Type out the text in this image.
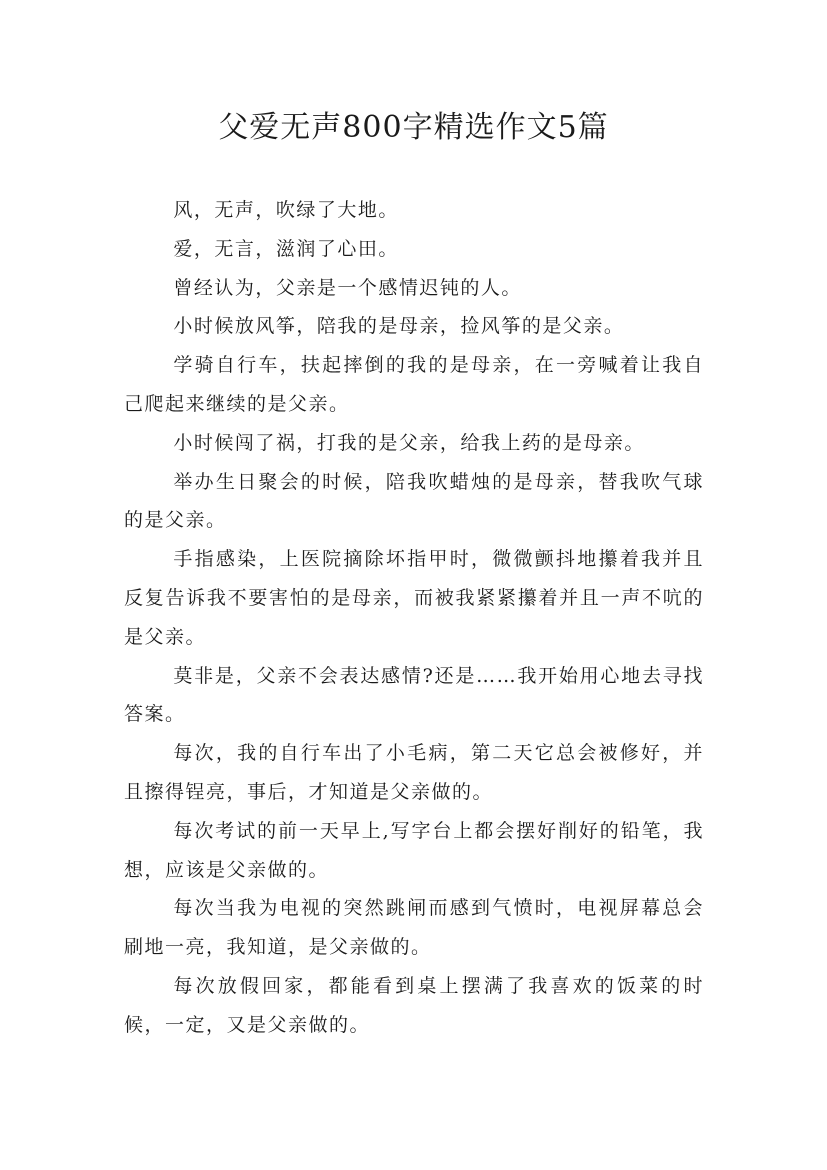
父爱无声800字精选作文5篇

风，无声，吹绿了大地。

爱，无言，滋润了心田。

曾经认为，父亲是一个感情迟钝的人。

小时候放风筝，陪我的是母亲，捡风筝的是父亲。

学骑自行车，扶起摔倒的我的是母亲，在一旁喊着让我自己爬起来继续的是父亲。

小时候闯了祸，打我的是父亲，给我上药的是母亲。

举办生日聚会的时候，陪我吹蜡烛的是母亲，替我吹气球的是父亲。

手指感染，上医院摘除坏指甲时，微微颤抖地攥着我并且反复告诉我不要害怕的是母亲，而被我紧紧攥着并且一声不吭的是父亲。

莫非是，父亲不会表达感情?还是……我开始用心地去寻找答案。

每次，我的自行车出了小毛病，第二天它总会被修好，并且擦得锃亮，事后，才知道是父亲做的。

每次考试的前一天早上,写字台上都会摆好削好的铅笔，我想，应该是父亲做的。

每次当我为电视的突然跳闸而感到气愤时，电视屏幕总会刷地一亮，我知道，是父亲做的。

每次放假回家，都能看到桌上摆满了我喜欢的饭菜的时候，一定，又是父亲做的。
